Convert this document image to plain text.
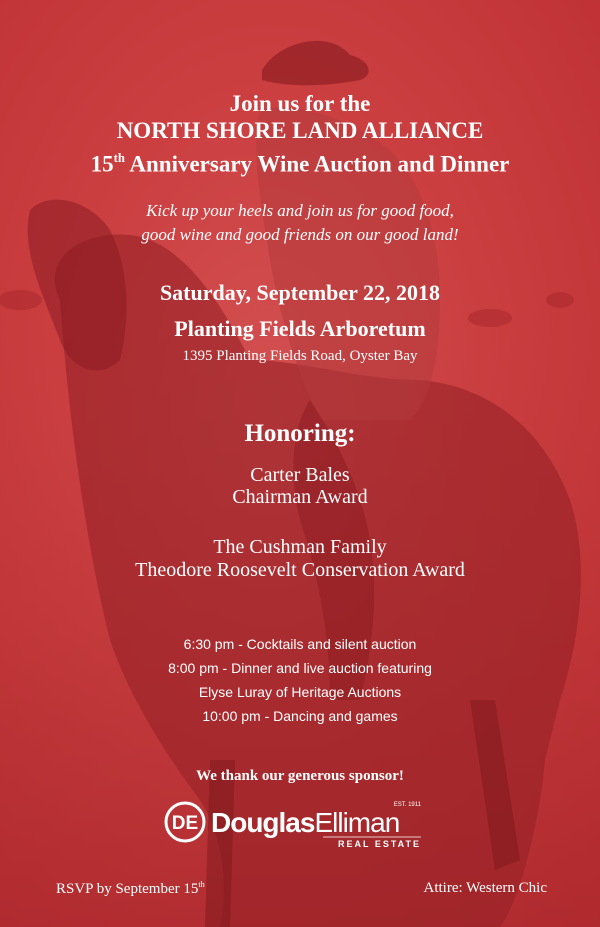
Join us for the
NORTH SHORE LAND ALLIANCE
15th Anniversary Wine Auction and Dinner
Kick up your heels and join us for good food,
good wine and good friends on our good land!
Saturday, September 22, 2018
Planting Fields Arboretum
1395 Planting Fields Road, Oyster Bay
Honoring:
Carter Bales
Chairman Award
The Cushman Family
Theodore Roosevelt Conservation Award
6:30 pm - Cocktails and silent auction
8:00 pm - Dinner and live auction featuring
Elyse Luray of Heritage Auctions
10:00 pm - Dancing and games
We thank our generous sponsor!
DE DouglasElliman
EST. 1911
REAL ESTATE
RSVP by September 15th	Attire: Western Chic
